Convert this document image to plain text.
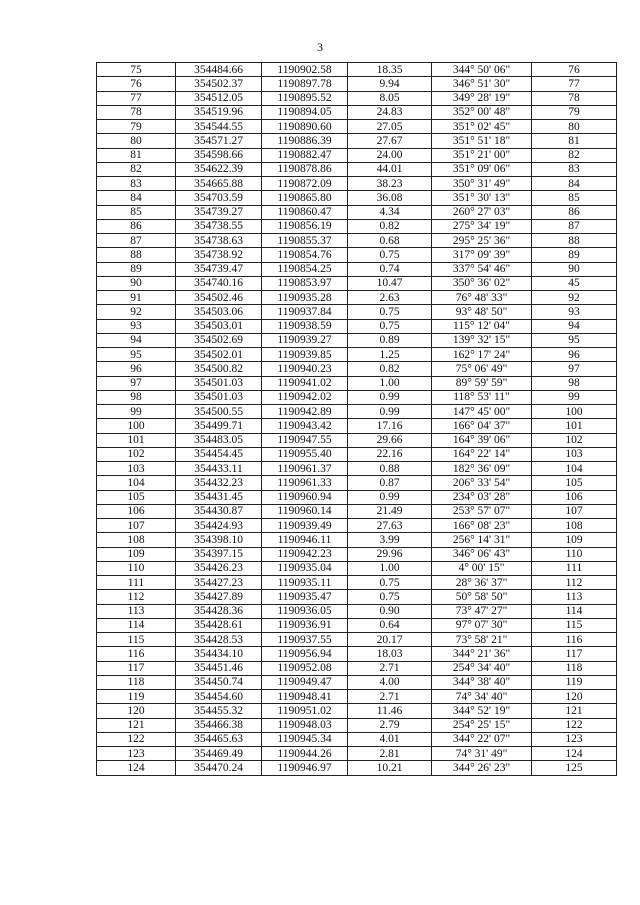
3
75	354484.66	1190902.58	18.35	344° 50' 06"	76
76	354502.37	1190897.78	9.94	346° 51' 30"	77
77	354512.05	1190895.52	8.05	349° 28' 19"	78
78	354519.96	1190894.05	24.83	352° 00' 48"	79
79	354544.55	1190890.60	27.05	351° 02' 45"	80
80	354571.27	1190886.39	27.67	351° 51' 18"	81
81	354598.66	1190882.47	24.00	351° 21' 00"	82
82	354622.39	1190878.86	44.01	351° 09' 06"	83
83	354665.88	1190872.09	38.23	350° 31' 49"	84
84	354703.59	1190865.80	36.08	351° 30' 13"	85
85	354739.27	1190860.47	4.34	260° 27' 03"	86
86	354738.55	1190856.19	0.82	275° 34' 19"	87
87	354738.63	1190855.37	0.68	295° 25' 36"	88
88	354738.92	1190854.76	0.75	317° 09' 39"	89
89	354739.47	1190854.25	0.74	337° 54' 46"	90
90	354740.16	1190853.97	10.47	350° 36' 02"	45
91	354502.46	1190935.28	2.63	76° 48' 33"	92
92	354503.06	1190937.84	0.75	93° 48' 50"	93
93	354503.01	1190938.59	0.75	115° 12' 04"	94
94	354502.69	1190939.27	0.89	139° 32' 15"	95
95	354502.01	1190939.85	1.25	162° 17' 24"	96
96	354500.82	1190940.23	0.82	75° 06' 49"	97
97	354501.03	1190941.02	1.00	89° 59' 59"	98
98	354501.03	1190942.02	0.99	118° 53' 11"	99
99	354500.55	1190942.89	0.99	147° 45' 00"	100
100	354499.71	1190943.42	17.16	166° 04' 37"	101
101	354483.05	1190947.55	29.66	164° 39' 06"	102
102	354454.45	1190955.40	22.16	164° 22' 14"	103
103	354433.11	1190961.37	0.88	182° 36' 09"	104
104	354432.23	1190961.33	0.87	206° 33' 54"	105
105	354431.45	1190960.94	0.99	234° 03' 28"	106
106	354430.87	1190960.14	21.49	253° 57' 07"	107
107	354424.93	1190939.49	27.63	166° 08' 23"	108
108	354398.10	1190946.11	3.99	256° 14' 31"	109
109	354397.15	1190942.23	29.96	346° 06' 43"	110
110	354426.23	1190935.04	1.00	4° 00' 15"	111
111	354427.23	1190935.11	0.75	28° 36' 37"	112
112	354427.89	1190935.47	0.75	50° 58' 50"	113
113	354428.36	1190936.05	0.90	73° 47' 27"	114
114	354428.61	1190936.91	0.64	97° 07' 30"	115
115	354428.53	1190937.55	20.17	73° 58' 21"	116
116	354434.10	1190956.94	18.03	344° 21' 36"	117
117	354451.46	1190952.08	2.71	254° 34' 40"	118
118	354450.74	1190949.47	4.00	344° 38' 40"	119
119	354454.60	1190948.41	2.71	74° 34' 40"	120
120	354455.32	1190951.02	11.46	344° 52' 19"	121
121	354466.38	1190948.03	2.79	254° 25' 15"	122
122	354465.63	1190945.34	4.01	344° 22' 07"	123
123	354469.49	1190944.26	2.81	74° 31' 49"	124
124	354470.24	1190946.97	10.21	344° 26' 23"	125
